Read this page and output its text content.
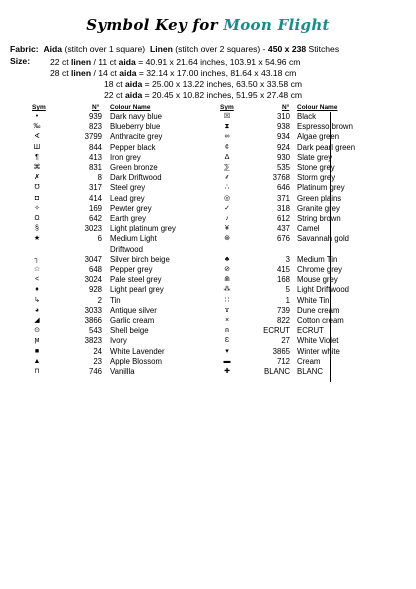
Symbol Key for Moon Flight
Fabric: Aida (stitch over 1 square) Linen (stitch over 2 squares) - 450 x 238 Stitches
Size: 22 ct linen / 11 ct aida = 40.91 x 21.64 inches, 103.91 x 54.96 cm
28 ct linen / 14 ct aida = 32.14 x 17.00 inches, 81.64 x 43.18 cm
18 ct aida = 25.00 x 13.22 inches, 63.50 x 33.58 cm
22 ct aida = 20.45 x 10.82 inches, 51.95 x 27.48 cm
Sym	N° Colour Name	Sym	N° Colour Name
•	939 Dark navy blue
‰	823 Blueberry blue
∢	3799 Anthracite grey
Ш	844 Pepper black
¶	413 Iron grey
⌘	831 Green bronze
✗	8 Dark Driftwood
℧	317 Steel grey
◘	414 Lead grey
✧	169 Pewter grey
Ω	642 Earth grey
§	3023 Light platinum grey
★	6 Medium Light
Driftwood
┐	3047 Silver birch beige
☆	648 Pepper grey
<	3024 Pale steel grey
♦	928 Light pearl grey
↳	2 Tin
◕	3033 Antique silver
◢	3866 Garlic cream
⊙	543 Shell beige
ϻ	3823 Ivory
■	24 White Lavender
▲	23 Apple Blossom
⊓	746 Vanillla
☒	310 Black
⧗	938 Espresso brown
∞	934 Algae green
¢	924 Dark pearl green
ᐃ	930 Slate grey
⅀	535 Stone grey
⸙	3768 Storm grey
∴	646 Platinum grey
◎	371 Green plains
✓	318 Granite grey
♪	612 String brown
¥	437 Camel
⊛	676 Savannah gold
♣	3 Medium Tin
⊘	415 Chrome grey
⋒	168 Mouse grey
⁂	5 Light Driftwood
∷	1 White Tin
ϫ	739 Dune cream
×	822 Cotton cream
⍝	ECRUT ECRUT
Ɛ	27 White Violet
▾	3865 Winter white
▬	712 Cream
✚	BLANC BLANC
